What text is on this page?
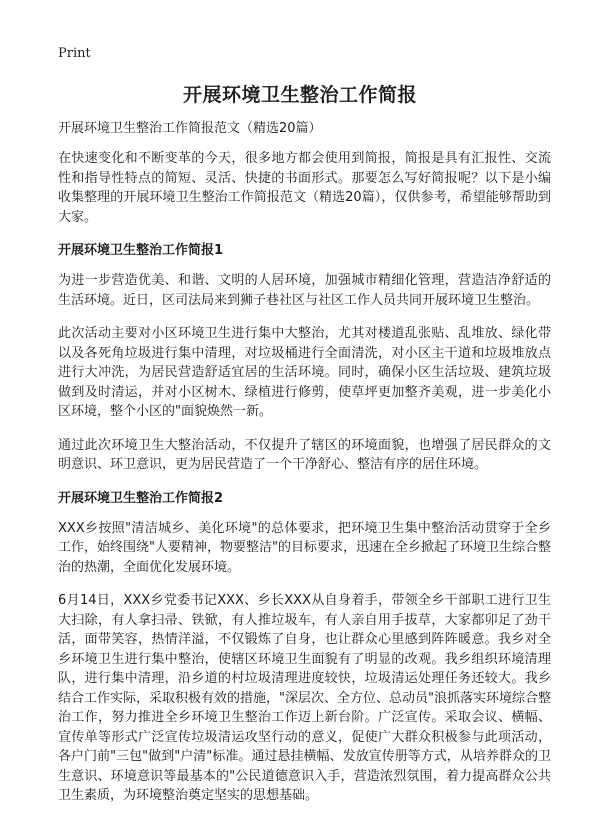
Print
开展环境卫生整治工作简报

开展环境卫生整治工作简报范文（精选20篇）

在快速变化和不断变革的今天，很多地方都会使用到简报，简报是具有汇报性、交流性和指导性特点的简短、灵活、快捷的书面形式。那要怎么写好简报呢？以下是小编收集整理的开展环境卫生整治工作简报范文（精选20篇），仅供参考，希望能够帮助到大家。

开展环境卫生整治工作简报1

为进一步营造优美、和谐、文明的人居环境，加强城市精细化管理，营造洁净舒适的生活环境。近日，区司法局来到狮子巷社区与社区工作人员共同开展环境卫生整治。

此次活动主要对小区环境卫生进行集中大整治，尤其对楼道乱张贴、乱堆放、绿化带以及各死角垃圾进行集中清理，对垃圾桶进行全面清洗，对小区主干道和垃圾堆放点进行大冲洗，为居民营造舒适宜居的生活环境。同时，确保小区生活垃圾、建筑垃圾做到及时清运，并对小区树木、绿植进行修剪，使草坪更加整齐美观，进一步美化小区环境，整个小区的"面貌焕然一新。

通过此次环境卫生大整治活动，不仅提升了辖区的环境面貌，也增强了居民群众的文明意识、环卫意识，更为居民营造了一个干净舒心、整洁有序的居住环境。

开展环境卫生整治工作简报2

XXX乡按照"清洁城乡、美化环境"的总体要求，把环境卫生集中整治活动贯穿于全乡工作，始终围绕"人要精神，物要整洁"的目标要求，迅速在全乡掀起了环境卫生综合整治的热潮，全面优化发展环境。

6月14日，XXX乡党委书记XXX、乡长XXX从自身着手，带领全乡干部职工进行卫生大扫除，有人拿扫帚、铁锨，有人推垃圾车，有人亲自用手拔草，大家都卯足了劲干活，面带笑容，热情洋溢，不仅锻炼了自身，也让群众心里感到阵阵暖意。我乡对全乡环境卫生进行集中整治，使辖区环境卫生面貌有了明显的改观。我乡组织环境清理队，进行集中清理，沿乡道的村垃圾清理进度较快，垃圾清运处理任务还较大。我乡结合工作实际，采取积极有效的措施，"深层次、全方位、总动员"浪抓落实环境综合整治工作，努力推进全乡环境卫生整治工作迈上新台阶。广泛宣传。采取会议、横幅、宣传单等形式广泛宣传垃圾清运攻坚行动的意义，促使广大群众积极参与此项活动，各户门前"三包"做到"户清"标准。通过悬挂横幅、发放宣传册等方式，从培养群众的卫生意识、环境意识等最基本的"公民道德意识入手，营造浓烈氛围，着力提高群众公共卫生素质，为环境整治奠定坚实的思想基础。
